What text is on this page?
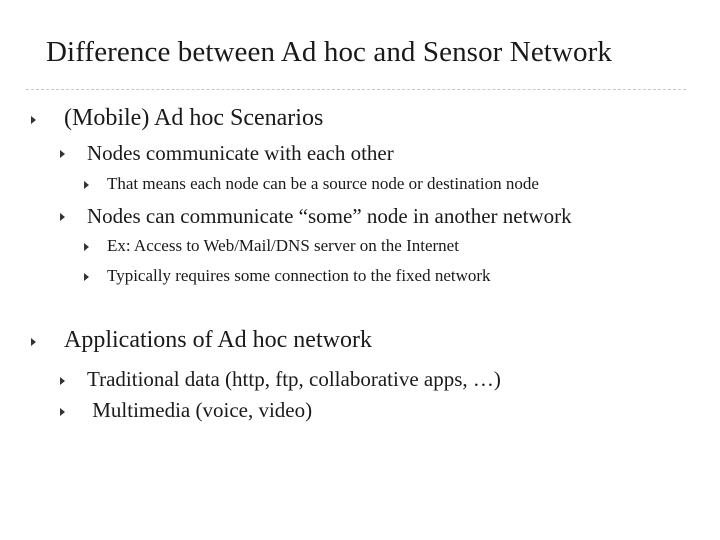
Difference between Ad hoc and Sensor Network
(Mobile) Ad hoc Scenarios
Nodes communicate with each other
That means each node can be a source node or destination node
Nodes can communicate “some” node in another network
Ex: Access to Web/Mail/DNS server on the Internet
Typically requires some connection to the fixed network
Applications of Ad hoc network
Traditional data (http, ftp, collaborative apps, …)
Multimedia (voice, video)
